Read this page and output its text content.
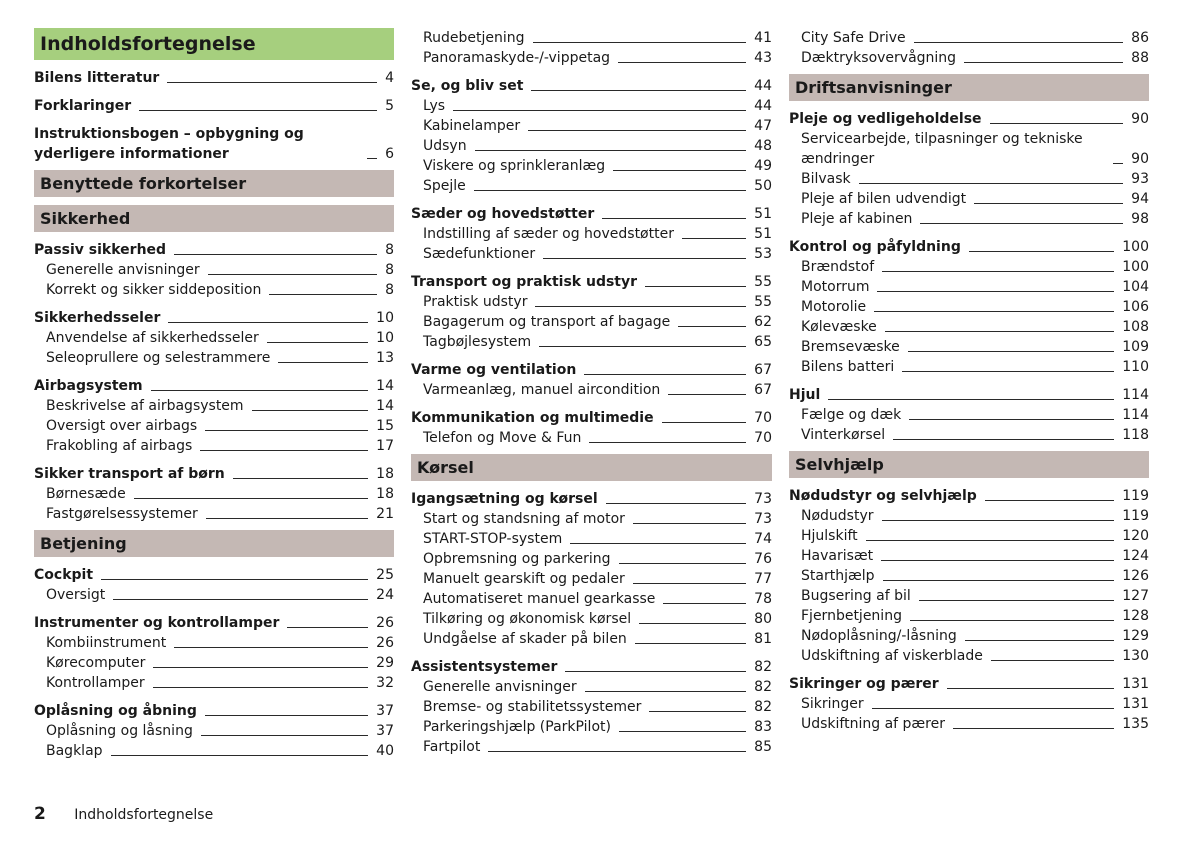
Indholdsfortegnelse
Bilens litteratur	4
Forklaringer	5
Instruktionsbogen – opbygning og yderligere informationer	6
Benyttede forkortelser
Sikkerhed
Passiv sikkerhed	8
Generelle anvisninger	8
Korrekt og sikker siddeposition	8
Sikkerhedsseler	10
Anvendelse af sikkerhedsseler	10
Seleoprullere og selestrammere	13
Airbagsystem	14
Beskrivelse af airbagsystem	14
Oversigt over airbags	15
Frakobling af airbags	17
Sikker transport af børn	18
Børnesæde	18
Fastgørelsessystemer	21
Betjening
Cockpit	25
Oversigt	24
Instrumenter og kontrollamper	26
Kombiinstrument	26
Kørecomputer	29
Kontrollamper	32
Oplåsning og åbning	37
Oplåsning og låsning	37
Bagklap	40
Rudebetjening	41
Panoramaskyde-/-vippetag	43
Se, og bliv set	44
Lys	44
Kabinelamper	47
Udsyn	48
Viskere og sprinkleranlæg	49
Spejle	50
Sæder og hovedstøtter	51
Indstilling af sæder og hovedstøtter	51
Sædefunktioner	53
Transport og praktisk udstyr	55
Praktisk udstyr	55
Bagagerum og transport af bagage	62
Tagbøjlesystem	65
Varme og ventilation	67
Varmeanlæg, manuel aircondition	67
Kommunikation og multimedie	70
Telefon og Move & Fun	70
Kørsel
Igangsætning og kørsel	73
Start og standsning af motor	73
START-STOP-system	74
Opbremsning og parkering	76
Manuelt gearskift og pedaler	77
Automatiseret manuel gearkasse	78
Tilkøring og økonomisk kørsel	80
Undgåelse af skader på bilen	81
Assistentsystemer	82
Generelle anvisninger	82
Bremse- og stabilitetssystemer	82
Parkeringshjælp (ParkPilot)	83
Fartpilot	85
City Safe Drive	86
Dæktryksovervågning	88
Driftsanvisninger
Pleje og vedligeholdelse	90
Servicearbejde, tilpasninger og tekniske ændringer	90
Bilvask	93
Pleje af bilen udvendigt	94
Pleje af kabinen	98
Kontrol og påfyldning	100
Brændstof	100
Motorrum	104
Motorolie	106
Kølevæske	108
Bremsevæske	109
Bilens batteri	110
Hjul	114
Fælge og dæk	114
Vinterkørsel	118
Selvhjælp
Nødudstyr og selvhjælp	119
Nødudstyr	119
Hjulskift	120
Havarisæt	124
Starthjælp	126
Bugsering af bil	127
Fjernbetjening	128
Nødoplåsning/-låsning	129
Udskiftning af viskerblade	130
Sikringer og pærer	131
Sikringer	131
Udskiftning af pærer	135
2 Indholdsfortegnelse
